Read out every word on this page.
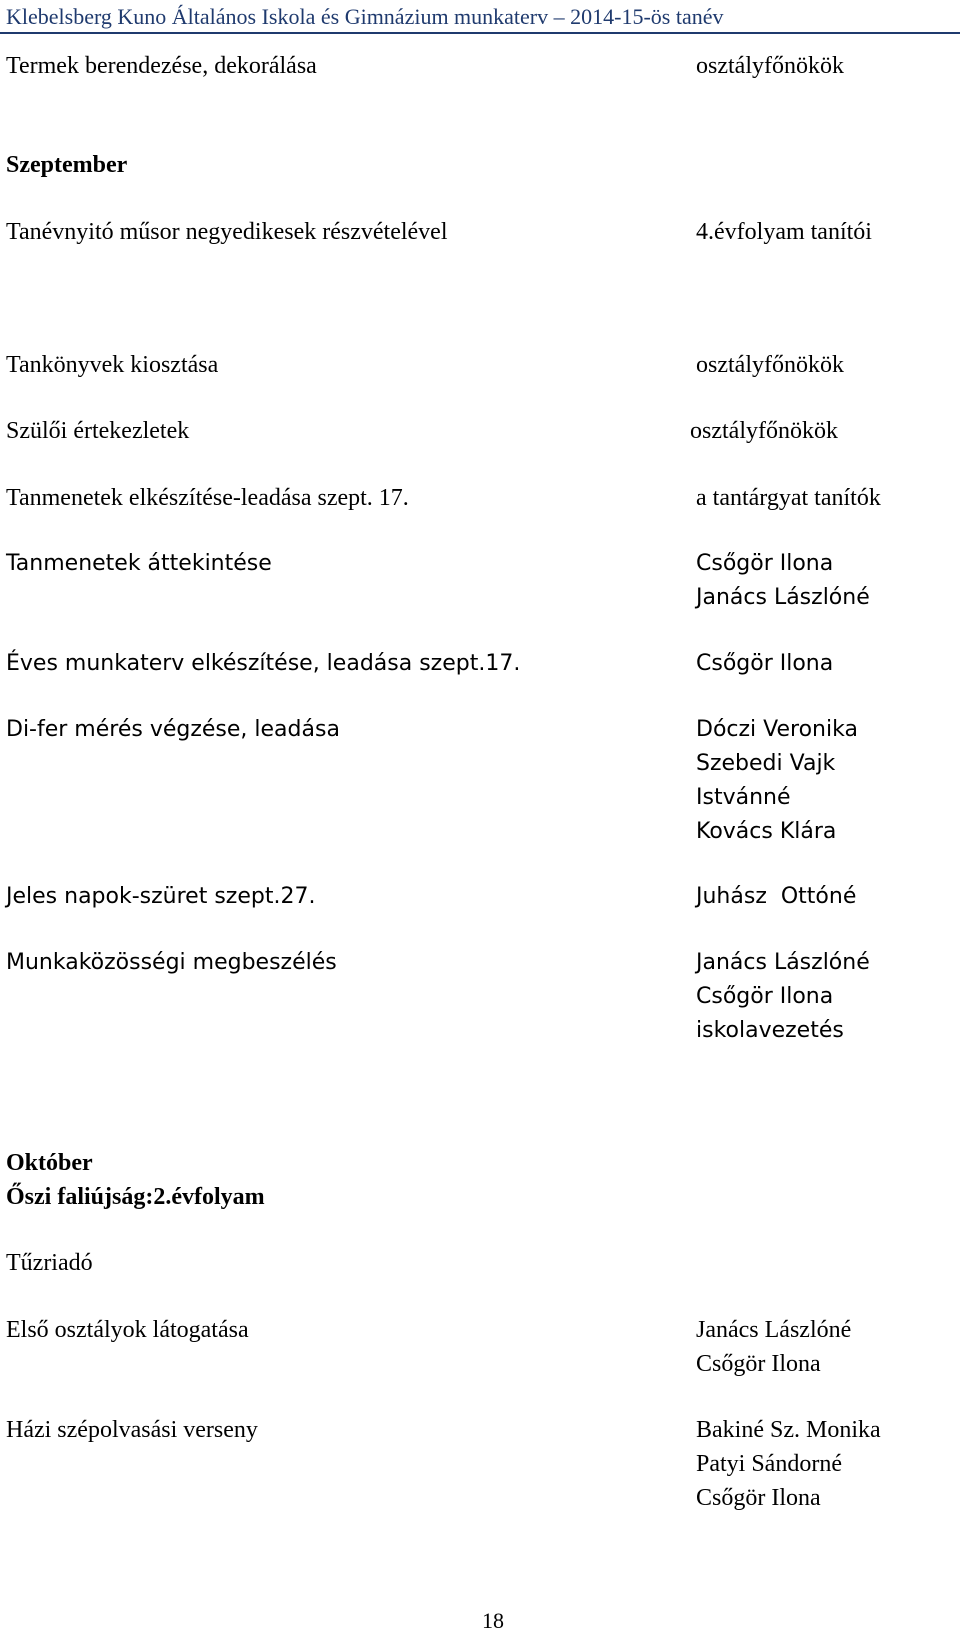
Klebelsberg Kuno Általános Iskola és Gimnázium munkaterv – 2014-15-ös tanév
Termek berendezése, dekorálása	osztályfőnökök
Szeptember
Tanévnyitó műsor negyedikesek részvételével	4.évfolyam tanítói
Tankönyvek kiosztása	osztályfőnökök
Szülői értekezletek	osztályfőnökök
Tanmenetek elkészítése-leadása szept. 17.	a tantárgyat tanítók
Tanmenetek áttekintése	Csőgör Ilona
Janács Lászlóné
Éves munkaterv elkészítése, leadása szept.17.	Csőgör Ilona
Di-fer mérés végzése, leadása	Dóczi Veronika
Szebedi Vajk
Istvánné
Kovács Klára
Jeles napok-szüret szept.27.	Juhász  Ottóné
Munkaközösségi megbeszélés	Janács Lászlóné
Csőgör Ilona
iskolavezetés
Október
Őszi faliújság:2.évfolyam
Tűzriadó
Első osztályok látogatása	Janács Lászlóné
Csőgör Ilona
Házi szépolvasási verseny	Bakiné Sz. Monika
Patyi Sándorné
Csőgör Ilona
18
